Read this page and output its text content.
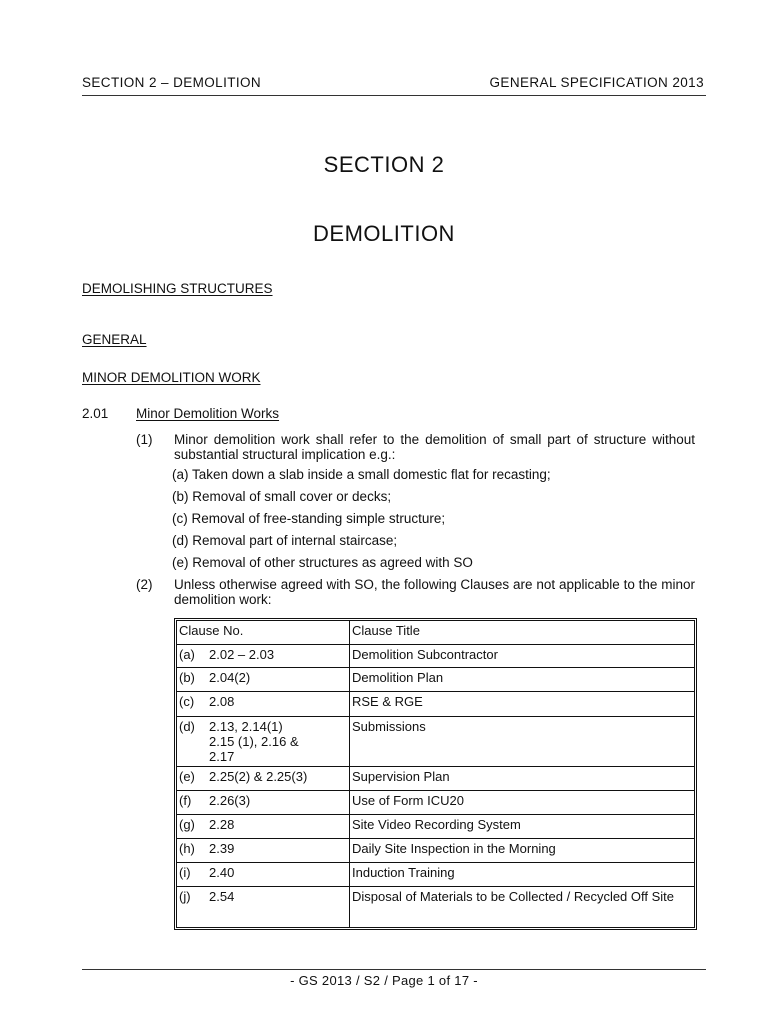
SECTION 2 – DEMOLITION	GENERAL SPECIFICATION 2013
SECTION 2
DEMOLITION
DEMOLISHING STRUCTURES
GENERAL
MINOR DEMOLITION WORK
2.01 Minor Demolition Works
(1) Minor demolition work shall refer to the demolition of small part of structure without substantial structural implication e.g.:
(a) Taken down a slab inside a small domestic flat for recasting;
(b) Removal of small cover or decks;
(c) Removal of free-standing simple structure;
(d) Removal part of internal staircase;
(e) Removal of other structures as agreed with SO
(2) Unless otherwise agreed with SO, the following Clauses are not applicable to the minor demolition work:
Clause No.	Clause Title
(a) 2.02 – 2.03	Demolition Subcontractor
(b) 2.04(2)	Demolition Plan
(c) 2.08	RSE & RGE
(d) 2.13, 2.14(1)
2.15 (1), 2.16 &
2.17	Submissions
(e) 2.25(2) & 2.25(3)	Supervision Plan
(f) 2.26(3)	Use of Form ICU20
(g) 2.28	Site Video Recording System
(h) 2.39	Daily Site Inspection in the Morning
(i) 2.40	Induction Training
(j) 2.54	Disposal of Materials to be Collected / Recycled Off Site
- GS 2013 / S2 / Page 1 of 17 -
